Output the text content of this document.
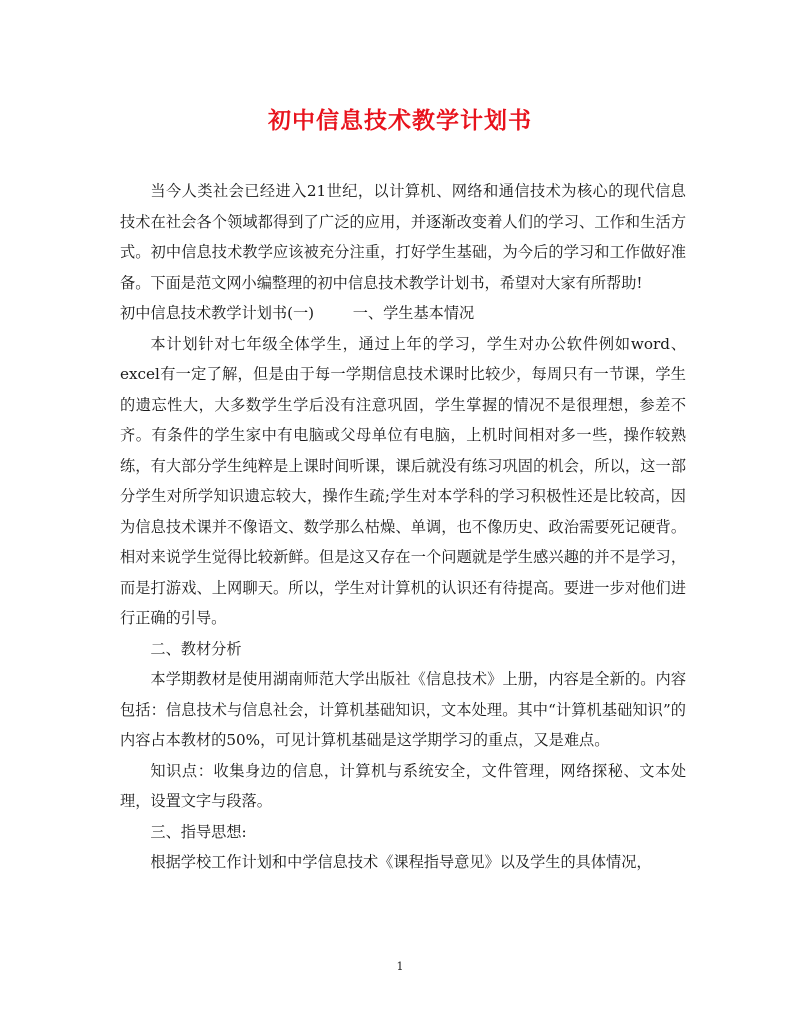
初中信息技术教学计划书

当今人类社会已经进入21世纪，以计算机、网络和通信技术为核心的现代信息技术在社会各个领域都得到了广泛的应用，并逐渐改变着人们的学习、工作和生活方式。初中信息技术教学应该被充分注重，打好学生基础，为今后的学习和工作做好准备。下面是范文网小编整理的初中信息技术教学计划书，希望对大家有所帮助!

初中信息技术教学计划书(一)        一、学生基本情况

本计划针对七年级全体学生，通过上年的学习，学生对办公软件例如word、excel有一定了解，但是由于每一学期信息技术课时比较少，每周只有一节课，学生的遗忘性大，大多数学生学后没有注意巩固，学生掌握的情况不是很理想，参差不齐。有条件的学生家中有电脑或父母单位有电脑，上机时间相对多一些，操作较熟练，有大部分学生纯粹是上课时间听课，课后就没有练习巩固的机会，所以，这一部分学生对所学知识遗忘较大，操作生疏;学生对本学科的学习积极性还是比较高，因为信息技术课并不像语文、数学那么枯燥、单调，也不像历史、政治需要死记硬背。相对来说学生觉得比较新鲜。但是这又存在一个问题就是学生感兴趣的并不是学习，而是打游戏、上网聊天。所以，学生对计算机的认识还有待提高。要进一步对他们进行正确的引导。

二、教材分析

本学期教材是使用湖南师范大学出版社《信息技术》上册，内容是全新的。内容包括：信息技术与信息社会，计算机基础知识，文本处理。其中“计算机基础知识”的内容占本教材的50%，可见计算机基础是这学期学习的重点，又是难点。

知识点：收集身边的信息，计算机与系统安全，文件管理，网络探秘、文本处理，设置文字与段落。

三、指导思想:

根据学校工作计划和中学信息技术《课程指导意见》以及学生的具体情况，

1
